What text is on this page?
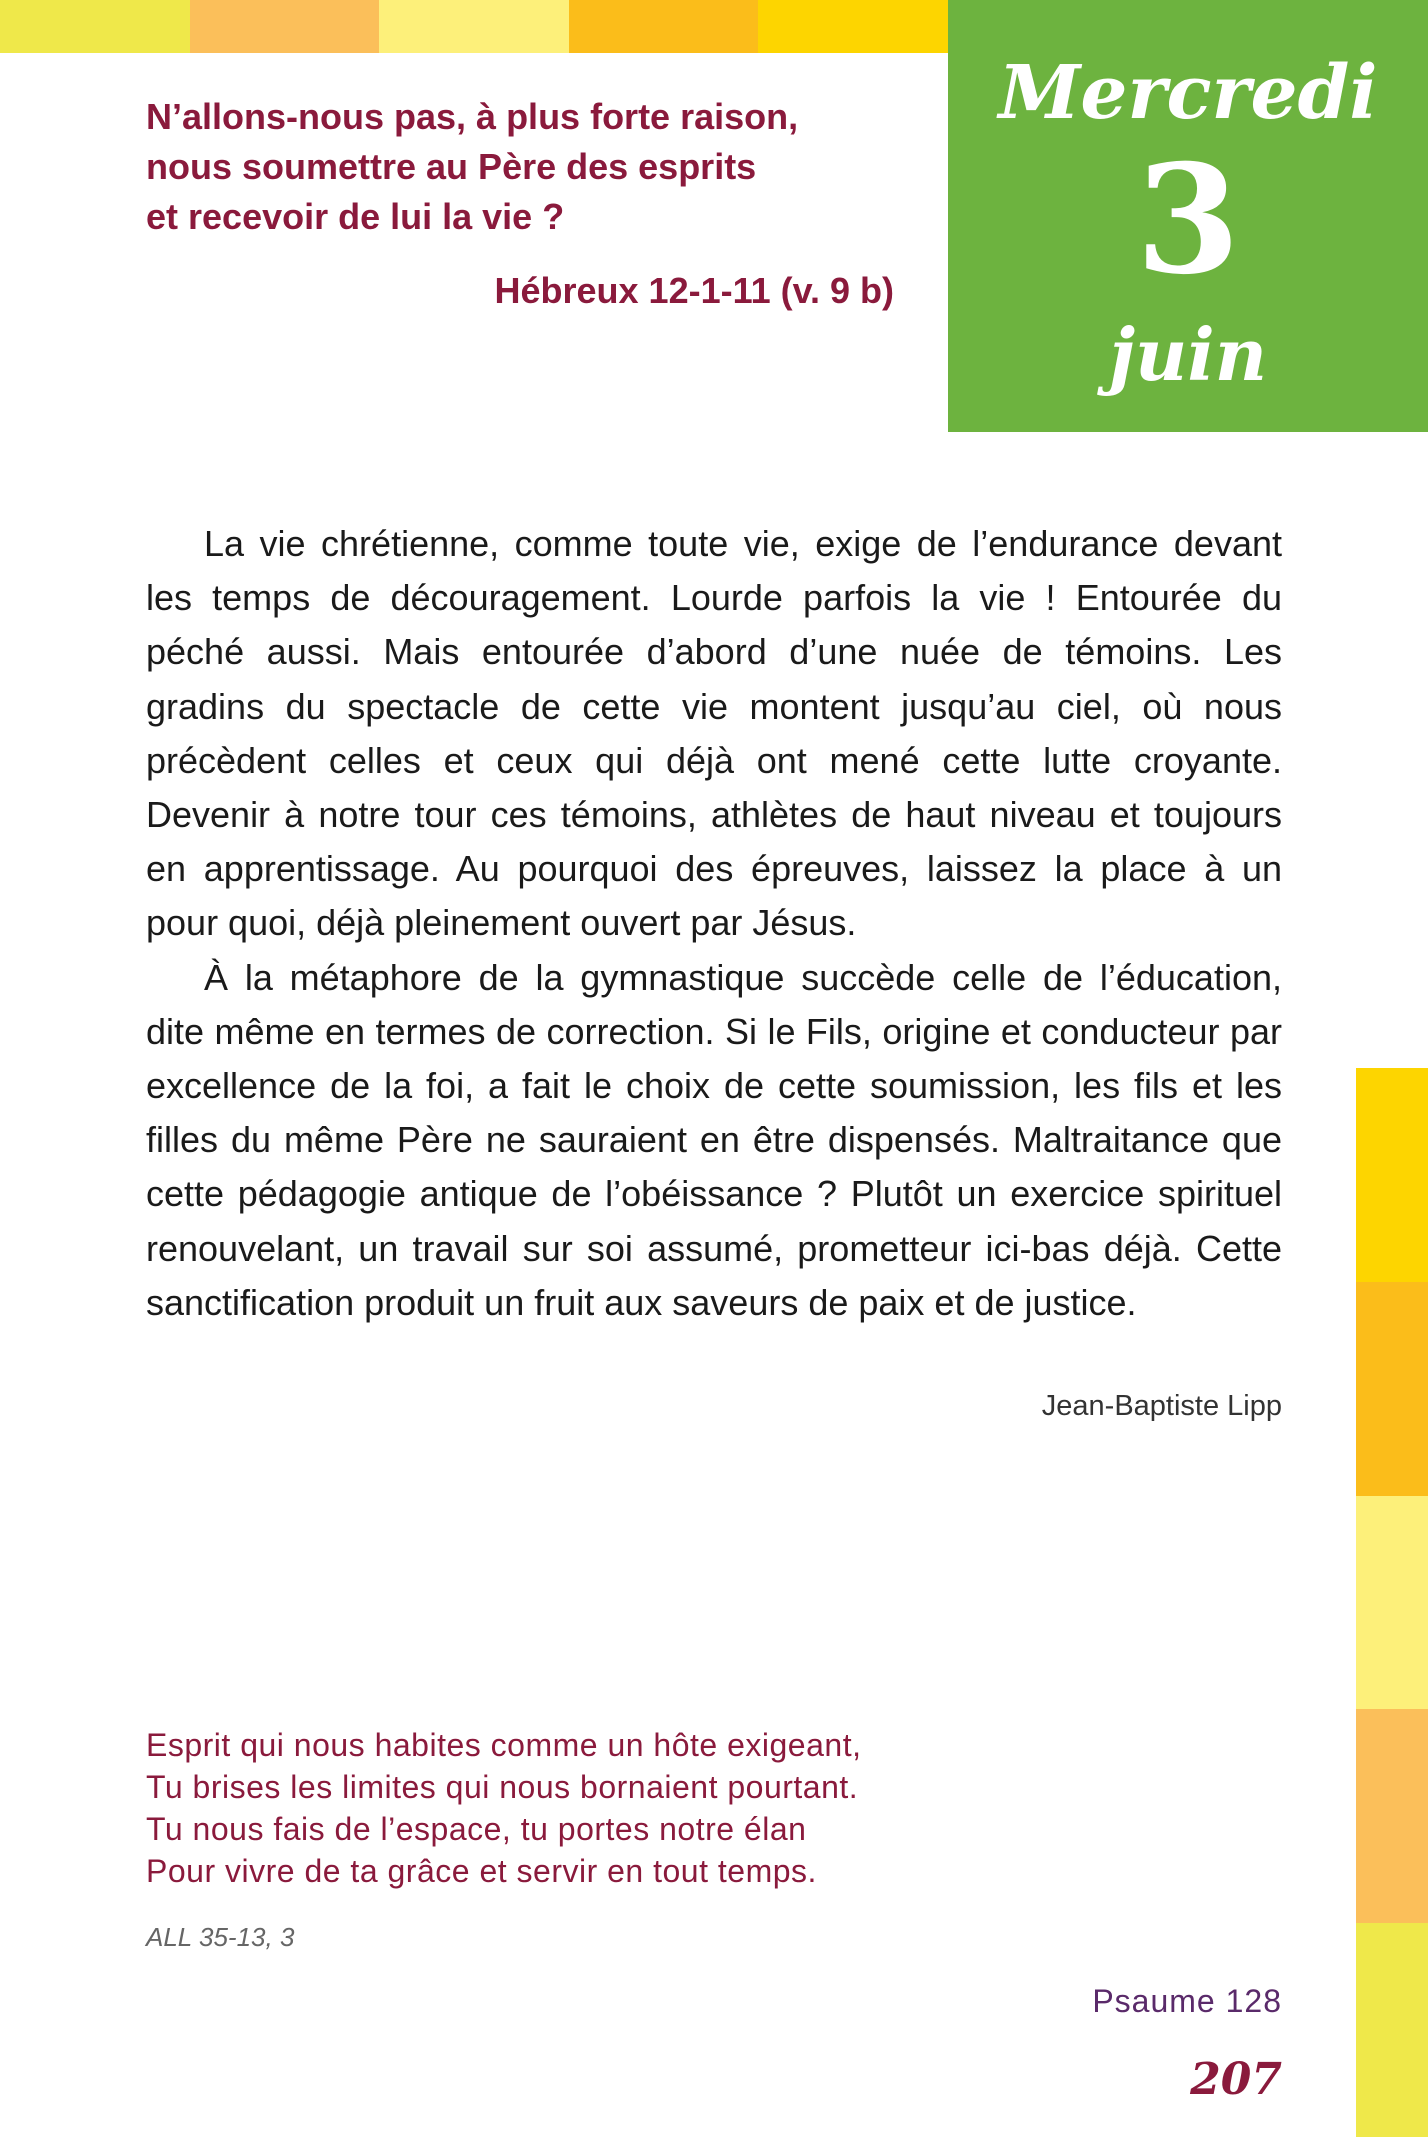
Mercredi
3
juin
N’allons-nous pas, à plus forte raison,
nous soumettre au Père des esprits
et recevoir de lui la vie ?
Hébreux 12-1-11 (v. 9 b)

La vie chrétienne, comme toute vie, exige de l’endurance devant les temps de découragement. Lourde parfois la vie ! Entourée du péché aussi. Mais entourée d’abord d’une nuée de témoins. Les gradins du spectacle de cette vie montent jusqu’au ciel, où nous précèdent celles et ceux qui déjà ont mené cette lutte croyante. Devenir à notre tour ces témoins, athlètes de haut niveau et toujours en apprentissage. Au pourquoi des épreuves, laissez la place à un pour quoi, déjà pleinement ouvert par Jésus.

À la métaphore de la gymnastique succède celle de l’éducation, dite même en termes de correction. Si le Fils, origine et conducteur par excellence de la foi, a fait le choix de cette soumission, les fils et les filles du même Père ne sauraient en être dispensés. Maltraitance que cette pédagogie antique de l’obéissance ? Plutôt un exercice spirituel renouvelant, un travail sur soi assumé, prometteur ici-bas déjà. Cette sanctification produit un fruit aux saveurs de paix et de justice.

Jean-Baptiste Lipp
Esprit qui nous habites comme un hôte exigeant,
Tu brises les limites qui nous bornaient pourtant.
Tu nous fais de l’espace, tu portes notre élan
Pour vivre de ta grâce et servir en tout temps.
ALL 35-13, 3
Psaume 128
207
